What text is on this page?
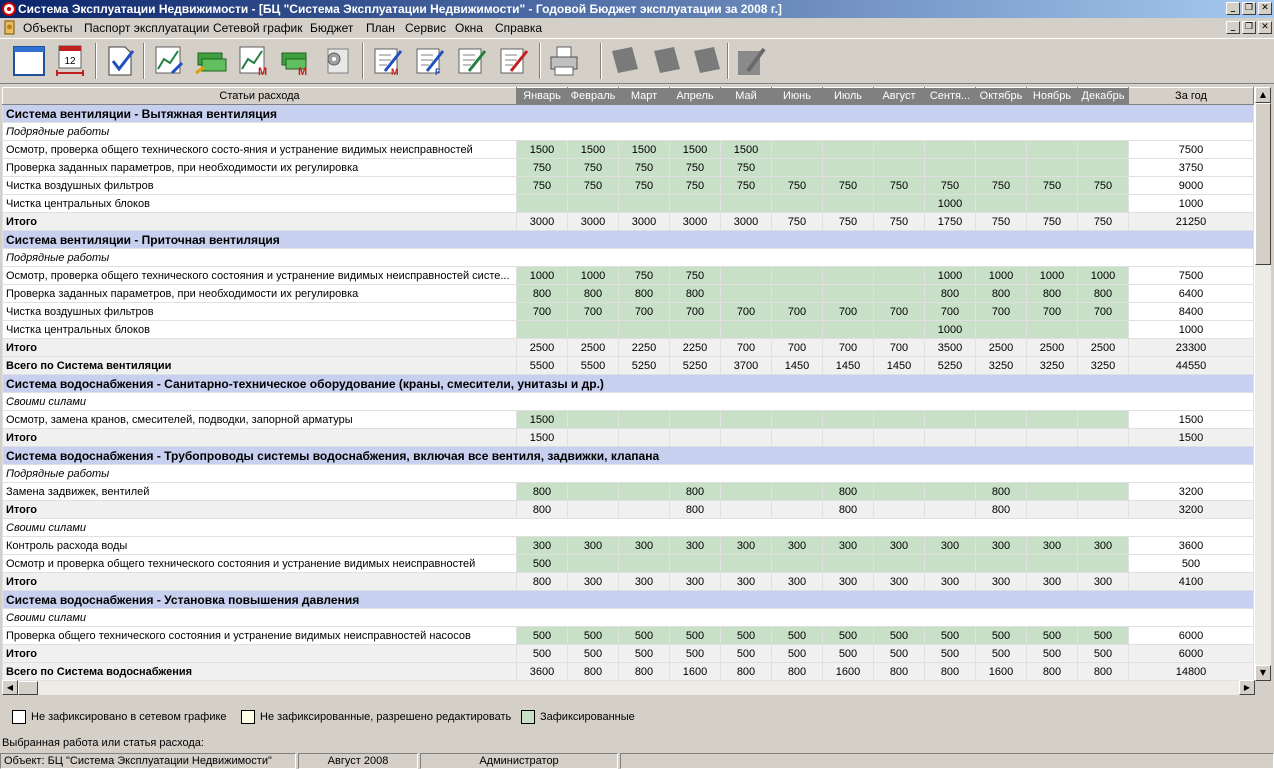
Система Эксплуатации Недвижимости - [БЦ "Система Эксплуатации Недвижимости" - Годовой Бюджет эксплуатации за 2008 г.]	_	❐ ✕
Объекты Паспорт эксплуатации Сетевой график Бюджет План Сервис Окна Справка	_	❐ ✕
12
M	M	M	F
Статьи расхода	Январь	Февраль	Март	Апрель	Май	Июнь	Июль	Август	Сентя...	Октябрь	Ноябрь	Декабрь	За год
Система вентиляции - Вытяжная вентиляция													
Подрядные работы													
Осмотр, проверка общего технического состо-яния и устранение видимых неисправностей	1500	1500	1500	1500	1500								7500
Проверка заданных параметров, при необходимости их регулировка	750	750	750	750	750								3750
Чистка воздушных фильтров	750	750	750	750	750	750	750	750	750	750	750	750	9000
Чистка центральных блоков									1000				1000
Итого	3000	3000	3000	3000	3000	750	750	750	1750	750	750	750	21250
Система вентиляции - Приточная вентиляция													
Подрядные работы													
Осмотр, проверка общего технического состояния и устранение видимых неисправностей систе...	1000	1000	750	750					1000	1000	1000	1000	7500
Проверка заданных параметров, при необходимости их регулировка	800	800	800	800					800	800	800	800	6400
Чистка воздушных фильтров	700	700	700	700	700	700	700	700	700	700	700	700	8400
Чистка центральных блоков									1000				1000
Итого	2500	2500	2250	2250	700	700	700	700	3500	2500	2500	2500	23300
Всего по Система вентиляции	5500	5500	5250	5250	3700	1450	1450	1450	5250	3250	3250	3250	44550
Система водоснабжения - Санитарно-техническое оборудование (краны, смесители, унитазы и др.)													
Своими силами													
Осмотр, замена кранов, смесителей, подводки, запорной арматуры	1500												1500
Итого	1500												1500
Система водоснабжения - Трубопроводы системы водоснабжения, включая все вентиля, задвижки, клапана													
Подрядные работы													
Замена задвижек, вентилей	800			800			800			800			3200
Итого	800			800			800			800			3200
Своими силами													
Контроль расхода воды	300	300	300	300	300	300	300	300	300	300	300	300	3600
Осмотр и проверка общего технического состояния и устранение видимых неисправностей	500												500
Итого	800	300	300	300	300	300	300	300	300	300	300	300	4100
Система водоснабжения - Установка повышения давления													
Своими силами													
Проверка общего технического состояния и устранение видимых неисправностей насосов	500	500	500	500	500	500	500	500	500	500	500	500	6000
Итого	500	500	500	500	500	500	500	500	500	500	500	500	6000
Всего по Система водоснабжения	3600	800	800	1600	800	800	1600	800	800	1600	800	800	14800
▲
▼
◀	▶
Не зафиксировано в сетевом графике	Не зафиксированные, разрешено редактировать	Зафиксированные
Выбранная работа или статья расхода:
Объект: БЦ "Система Эксплуатации Недвижимости"	Август 2008	Администратор
